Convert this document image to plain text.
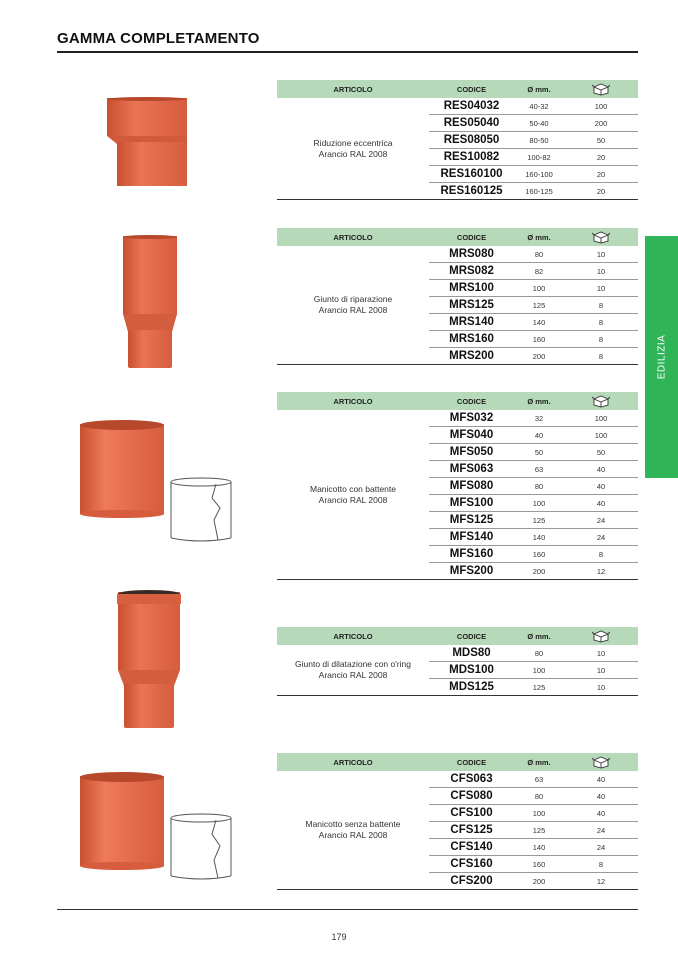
GAMMA COMPLETAMENTO
EDILIZIA
ARTICOLO	CODICE	Ø mm.
Riduzione eccentrica
Arancio RAL 2008
RES04032	40-32	100
RES05040	50-40	200
RES08050	80-50	50
RES10082	100-82	20
RES160100	160-100	20
RES160125	160-125	20
ARTICOLO	CODICE	Ø mm.
Giunto di riparazione
Arancio RAL 2008
MRS080	80	10
MRS082	82	10
MRS100	100	10
MRS125	125	8
MRS140	140	8
MRS160	160	8
MRS200	200	8
ARTICOLO	CODICE	Ø mm.
Manicotto con battente
Arancio RAL 2008
MFS032	32	100
MFS040	40	100
MFS050	50	50
MFS063	63	40
MFS080	80	40
MFS100	100	40
MFS125	125	24
MFS140	140	24
MFS160	160	8
MFS200	200	12
ARTICOLO	CODICE	Ø mm.
Giunto di dilatazione con o'ring
Arancio RAL 2008
MDS80	80	10
MDS100	100	10
MDS125	125	10
ARTICOLO	CODICE	Ø mm.
Manicotto senza battente
Arancio RAL 2008
CFS063	63	40
CFS080	80	40
CFS100	100	40
CFS125	125	24
CFS140	140	24
CFS160	160	8
CFS200	200	12
179
